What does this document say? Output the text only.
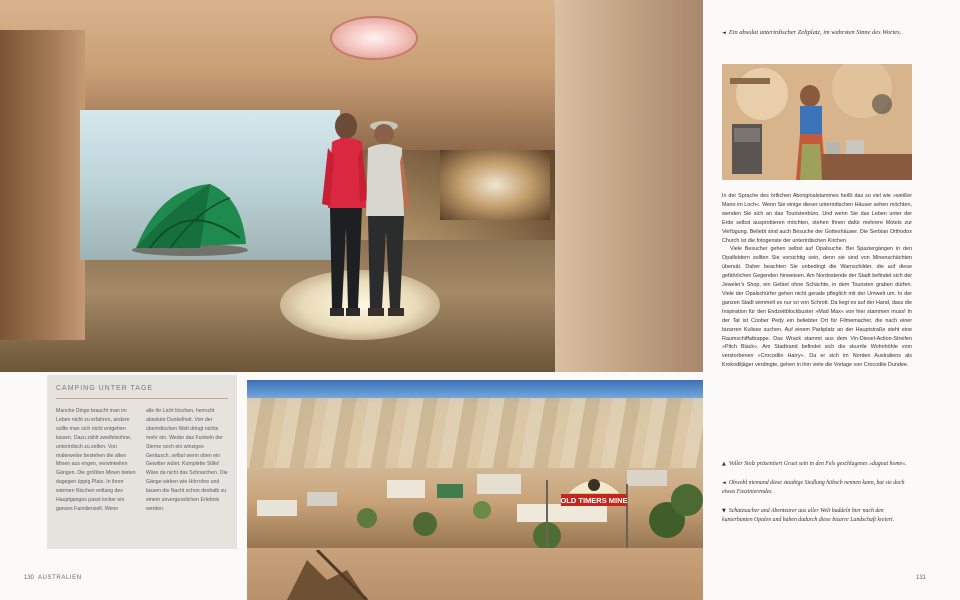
CAMPING UNTER TAGE
Manche Dinge braucht man im Leben nicht zu erfahren, andere sollte man sich nicht entgehen lassen. Dazu zählt zweifelsohne, unterirdisch zu zelten. Von malerwelse bestehen die alten Minen aus engen, verwinkelten Gängen. Die größten Minen bieten dagegen üppig Platz. In ihren wärmen Nischen entlang des Hauptganges passt locker ein ganzes Familienzelt. Wenn
alle ihr Licht löschen, herrscht absolute Dunkelheit. Von der überirdischen Welt dringt nichts mehr ein. Weder das Funkeln der Sterne noch ein winziges Geräusch, selbst wenn oben ein Gewitter wütet. Komplette Stille! Wäre da nicht das Schnarchen. Die Gänge wirken wie Hörrohre und lassen die Nacht schon deshalb zu einem unvergesslichen Erlebnis werden.
OLD TIMERS MINE
◄ Ein absolut unterirdischer Zeltplatz, im wahrsten Sinne des Wortes.

In der Sprache des örtlichen Aboriginalstammes heißt das so viel wie »weißer Mann im Loch«. Wenn Sie einige dieser unterirdischen Häuser sehen möchten, wenden Sie sich an das Touristenbüro. Und wenn Sie das Leben unter der Erde selbst ausprobieren möchten, stehen Ihnen dafür mehrere Motels zur Verfügung. Beliebt sind auch Besuche der Gotteshäuser. Die Serbian Orthodox Church ist die fotogenste der unterirdischen Kirchen.

Viele Besucher gehen selbst auf Opalsuche. Bei Spaziergängen in den Opalfeldern sollten Sie vorsichtig sein, denn sie sind von Minenschächten übersät. Daher beachten Sie unbedingt die Warnschilder, die auf diese gefährlichen Gegenden hinweisen. Am Nordostende der Stadt befindet sich der Jeweler's Shop, ein Gebiet ohne Schächte, in dem Touristen graben dürfen. Viele der Opalschürfer gehen nicht gerade pfleglich mit der Umwelt um. In der ganzen Stadt wimmelt es nur so von Schrott. Da liegt es auf der Hand, dass die Inspiration für den Endzeitblockbuster »Mad Max« von hier stammen muss! In der Tat ist Coober Pedy ein beliebter Ort für Filmemacher, die nach einer bizarren Kulisse suchen. Auf einem Parkplatz an der Hauptstraße steht eine Raumschiffattrappe. Das Wrack stammt aus dem Vin-Diesel-Action-Streifen »Pitch Black«. Am Stadtrand befindet sich die skurrile Wohnhöhle vom verstorbenen »Crocodile Harry«. Da er sich im Norden Australiens als Krokodiljäger verdingte, gehen in ihm viele die Vorlage von Crocodile Dundee.

▲ Voller Stolz präsentiert Gruet sein in den Fels geschlagenes »dugout home«.
◄ Obwohl niemand diese staubige Siedlung hübsch nennen kann, hat sie doch etwas Faszinierendes.
▼ Schatzsucher und Abenteurer aus aller Welt buddeln hier nach den kunterbunten Opalen und haben dadurch diese bizarre Landschaft kreiert.
130 AUSTRALIEN	131
